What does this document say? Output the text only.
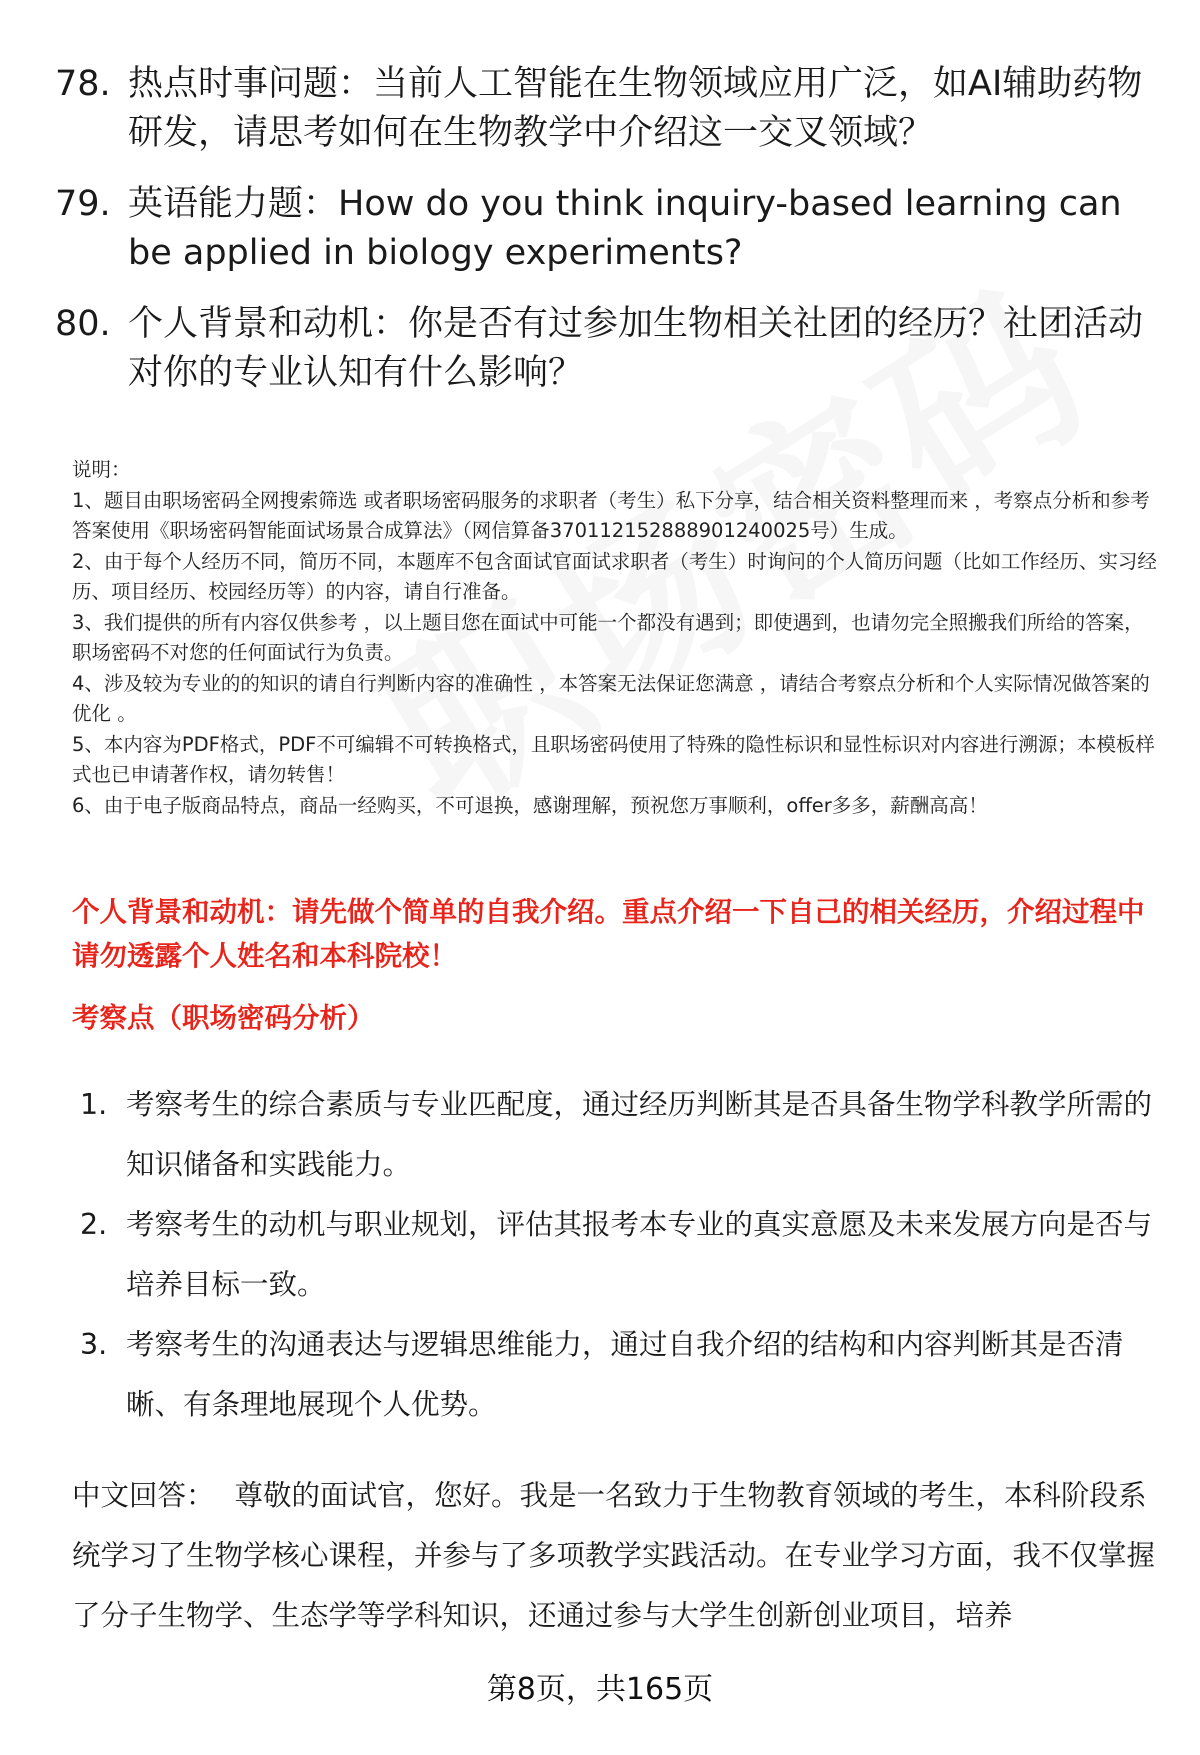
78. 热点时事问题：当前人工智能在生物领域应用广泛，如AI辅助药物研发，请思考如何在生物教学中介绍这一交叉领域？
79. 英语能力题：How do you think inquiry-based learning can be applied in biology experiments?
80. 个人背景和动机：你是否有过参加生物相关社团的经历？社团活动对你的专业认知有什么影响？

说明：

1、题目由职场密码全网搜索筛选 或者职场密码服务的求职者（考生）私下分享，结合相关资料整理而来 ，考察点分析和参考答案使用《职场密码智能面试场景合成算法》（网信算备370112152888901240025号）生成。

2、由于每个人经历不同，简历不同，本题库不包含面试官面试求职者（考生）时询问的个人简历问题（比如工作经历、实习经历、项目经历、校园经历等）的内容，请自行准备。

3、我们提供的所有内容仅供参考 ，以上题目您在面试中可能一个都没有遇到；即使遇到，也请勿完全照搬我们所给的答案，职场密码不对您的任何面试行为负责。

4、涉及较为专业的的知识的请自行判断内容的准确性 ，本答案无法保证您满意 ，请结合考察点分析和个人实际情况做答案的优化 。

5、本内容为PDF格式，PDF不可编辑不可转换格式，且职场密码使用了特殊的隐性标识和显性标识对内容进行溯源；本模板样式也已申请著作权，请勿转售！

6、由于电子版商品特点，商品一经购买，不可退换，感谢理解，预祝您万事顺利，offer多多，薪酬高高！

个人背景和动机：请先做个简单的自我介绍。重点介绍一下自己的相关经历，介绍过程中请勿透露个人姓名和本科院校！
考察点（职场密码分析）
1. 考察考生的综合素质与专业匹配度，通过经历判断其是否具备生物学科教学所需的知识储备和实践能力。
2. 考察考生的动机与职业规划，评估其报考本专业的真实意愿及未来发展方向是否与培养目标一致。
3. 考察考生的沟通表达与逻辑思维能力，通过自我介绍的结构和内容判断其是否清晰、有条理地展现个人优势。
中文回答： 尊敬的面试官，您好。我是一名致力于生物教育领域的考生，本科阶段系统学习了生物学核心课程，并参与了多项教学实践活动。在专业学习方面，我不仅掌握了分子生物学、生态学等学科知识，还通过参与大学生创新创业项目，培养
第8页，共165页
